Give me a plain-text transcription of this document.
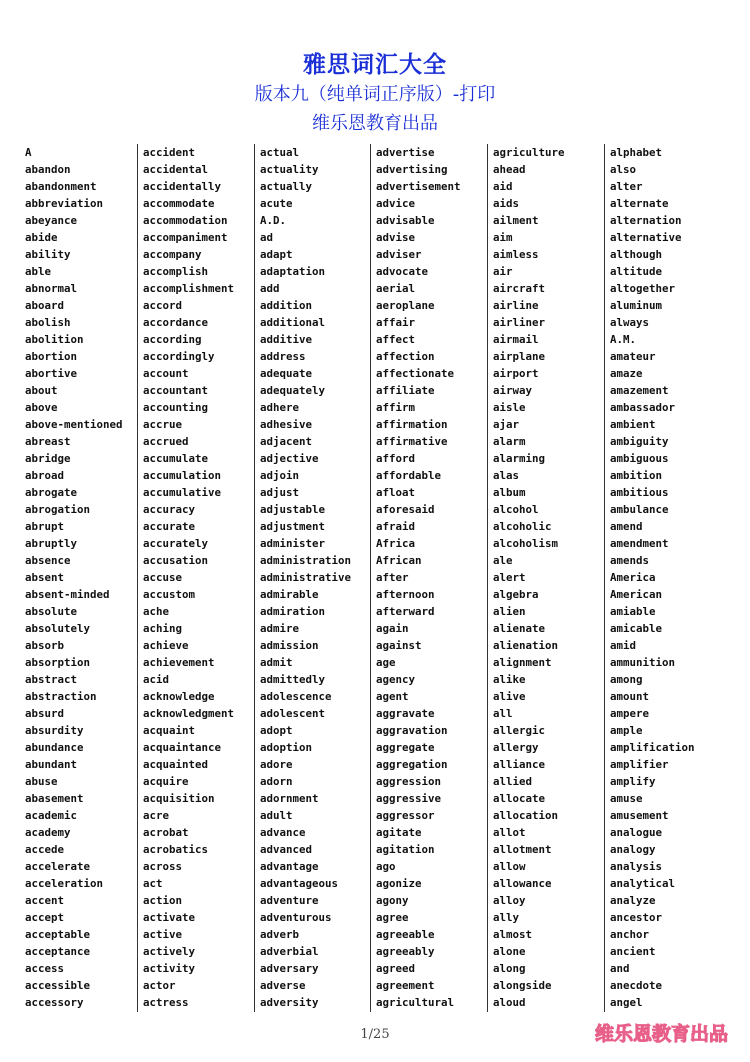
雅思词汇大全
版本九（纯单词正序版）-打印
维乐恩教育出品
A
abandon
abandonment
abbreviation
abeyance
abide
ability
able
abnormal
aboard
abolish
abolition
abortion
abortive
about
above
above-mentioned
abreast
abridge
abroad
abrogate
abrogation
abrupt
abruptly
absence
absent
absent-minded
absolute
absolutely
absorb
absorption
abstract
abstraction
absurd
absurdity
abundance
abundant
abuse
abasement
academic
academy
accede
accelerate
acceleration
accent
accept
acceptable
acceptance
access
accessible
accessory
accident
accidental
accidentally
accommodate
accommodation
accompaniment
accompany
accomplish
accomplishment
accord
accordance
according
accordingly
account
accountant
accounting
accrue
accrued
accumulate
accumulation
accumulative
accuracy
accurate
accurately
accusation
accuse
accustom
ache
aching
achieve
achievement
acid
acknowledge
acknowledgment
acquaint
acquaintance
acquainted
acquire
acquisition
acre
acrobat
acrobatics
across
act
action
activate
active
actively
activity
actor
actress
actual
actuality
actually
acute
A.D.
ad
adapt
adaptation
add
addition
additional
additive
address
adequate
adequately
adhere
adhesive
adjacent
adjective
adjoin
adjust
adjustable
adjustment
administer
administration
administrative
admirable
admiration
admire
admission
admit
admittedly
adolescence
adolescent
adopt
adoption
adore
adorn
adornment
adult
advance
advanced
advantage
advantageous
adventure
adventurous
adverb
adverbial
adversary
adverse
adversity
advertise
advertising
advertisement
advice
advisable
advise
adviser
advocate
aerial
aeroplane
affair
affect
affection
affectionate
affiliate
affirm
affirmation
affirmative
afford
affordable
afloat
aforesaid
afraid
Africa
African
after
afternoon
afterward
again
against
age
agency
agent
aggravate
aggravation
aggregate
aggregation
aggression
aggressive
aggressor
agitate
agitation
ago
agonize
agony
agree
agreeable
agreeably
agreed
agreement
agricultural
agriculture
ahead
aid
aids
ailment
aim
aimless
air
aircraft
airline
airliner
airmail
airplane
airport
airway
aisle
ajar
alarm
alarming
alas
album
alcohol
alcoholic
alcoholism
ale
alert
algebra
alien
alienate
alienation
alignment
alike
alive
all
allergic
allergy
alliance
allied
allocate
allocation
allot
allotment
allow
allowance
alloy
ally
almost
alone
along
alongside
aloud
alphabet
also
alter
alternate
alternation
alternative
although
altitude
altogether
aluminum
always
A.M.
amateur
amaze
amazement
ambassador
ambient
ambiguity
ambiguous
ambition
ambitious
ambulance
amend
amendment
amends
America
American
amiable
amicable
amid
ammunition
among
amount
ampere
ample
amplification
amplifier
amplify
amuse
amusement
analogue
analogy
analysis
analytical
analyze
ancestor
anchor
ancient
and
anecdote
angel
1/25	维乐恩教育出品
